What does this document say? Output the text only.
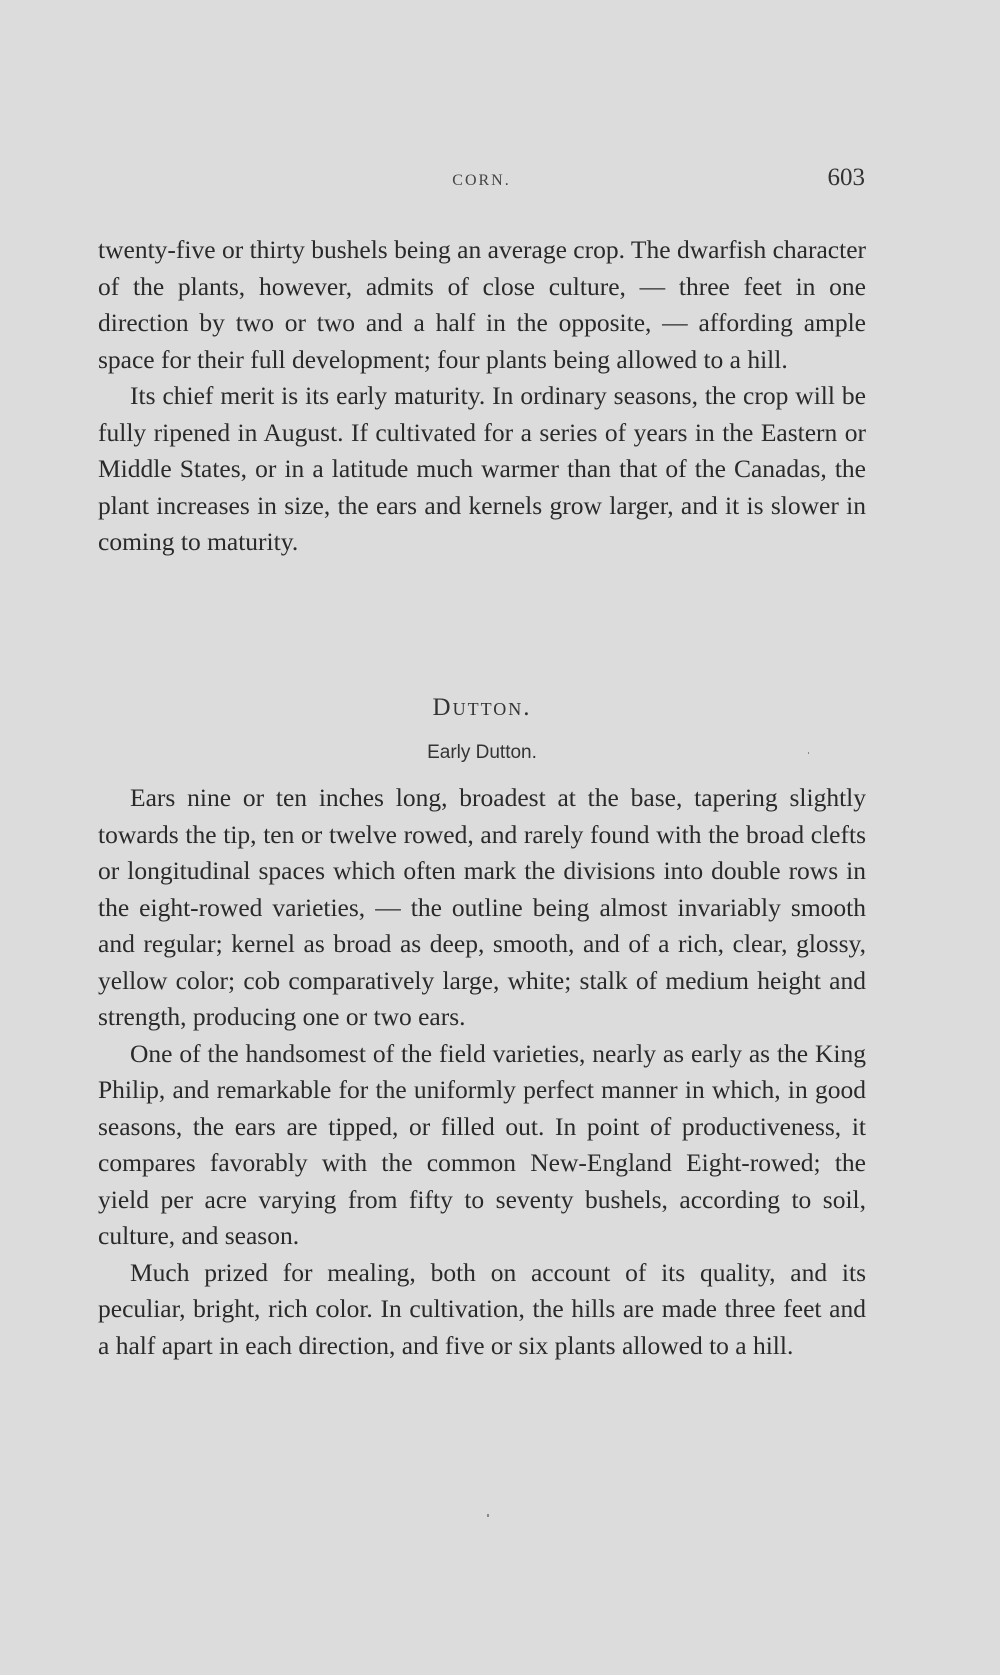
CORN.	603

twenty-five or thirty bushels being an average crop. The dwarfish character of the plants, however, admits of close culture, — three feet in one direction by two or two and a half in the opposite, — affording ample space for their full development; four plants being allowed to a hill.

Its chief merit is its early maturity. In ordinary seasons, the crop will be fully ripened in August. If cultivated for a series of years in the Eastern or Middle States, or in a latitude much warmer than that of the Canadas, the plant increases in size, the ears and kernels grow larger, and it is slower in coming to maturity.

Dutton.
Early Dutton.

Ears nine or ten inches long, broadest at the base, tapering slightly towards the tip, ten or twelve rowed, and rarely found with the broad clefts or longitudinal spaces which often mark the divisions into double rows in the eight-rowed varieties, — the outline being almost invariably smooth and regular; kernel as broad as deep, smooth, and of a rich, clear, glossy, yellow color; cob comparatively large, white; stalk of medium height and strength, producing one or two ears.

One of the handsomest of the field varieties, nearly as early as the King Philip, and remarkable for the uniformly perfect manner in which, in good seasons, the ears are tipped, or filled out. In point of productiveness, it compares favorably with the common New-England Eight-rowed; the yield per acre varying from fifty to seventy bushels, according to soil, culture, and season.

Much prized for mealing, both on account of its quality, and its peculiar, bright, rich color. In cultivation, the hills are made three feet and a half apart in each direction, and five or six plants allowed to a hill.
